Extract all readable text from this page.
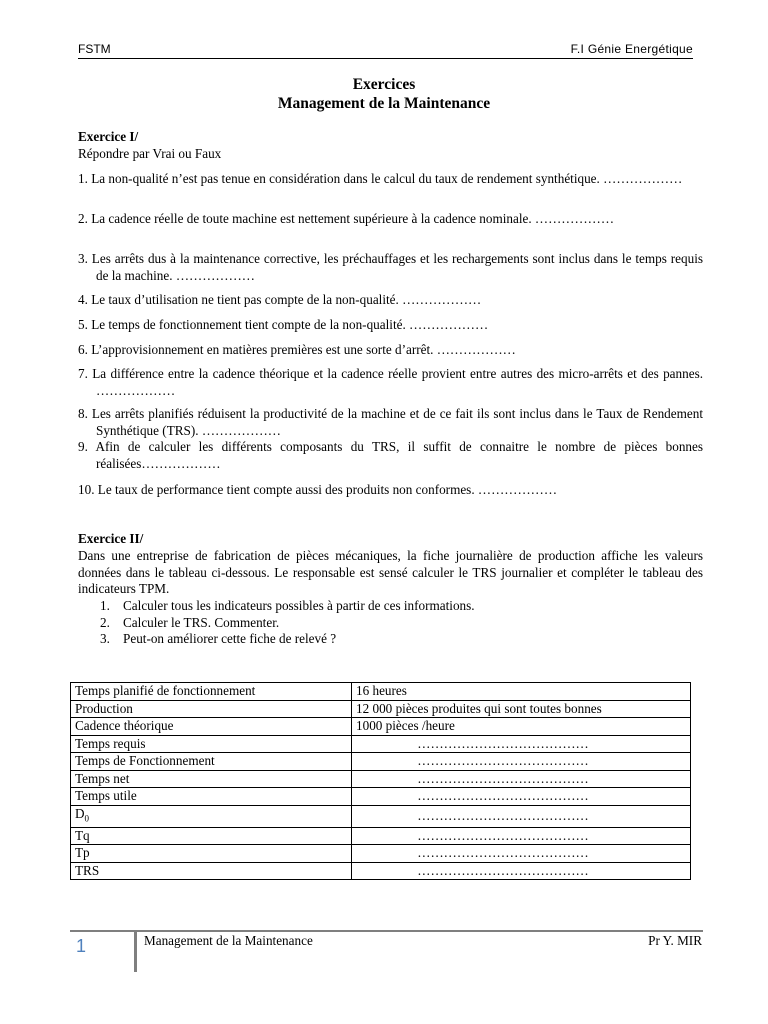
FSTM	F.I Génie Energétique
Exercices
Management de la Maintenance

Exercice I/

Répondre par Vrai ou Faux

1. La non-qualité n’est pas tenue en considération dans le calcul du taux de rendement synthétique. ………………

2. La cadence réelle de toute machine est nettement supérieure à la cadence nominale. ………………

3. Les arrêts dus à la maintenance corrective, les préchauffages et les rechargements sont inclus dans le temps requis de la machine. ………………

4. Le taux d’utilisation ne tient pas compte de la non-qualité. ………………

5. Le temps de fonctionnement tient compte de la non-qualité. ………………

6. L’approvisionnement en matières premières est une sorte d’arrêt. ………………

7. La différence entre la cadence théorique et la cadence réelle provient entre autres des micro-arrêts et des pannes. ………………

8. Les arrêts planifiés réduisent la productivité de la machine et de ce fait ils sont inclus dans le Taux de Rendement Synthétique (TRS). ………………

9. Afin de calculer les différents composants du TRS, il suffit de connaitre le nombre de pièces bonnes réalisées………………

10. Le taux de performance tient compte aussi des produits non conformes. ………………

Exercice II/

Dans une entreprise de fabrication de pièces mécaniques, la fiche journalière de production affiche les valeurs données dans le tableau ci-dessous. Le responsable est sensé calculer le TRS journalier et compléter le tableau des indicateurs TPM.

1. Calculer tous les indicateurs possibles à partir de ces informations.
2. Calculer le TRS. Commenter.
3. Peut-on améliorer cette fiche de relevé ?
Temps planifié de fonctionnement	16 heures
Production	12 000 pièces produites qui sont toutes bonnes
Cadence théorique	1000 pièces /heure
Temps requis	…………………………………
Temps de Fonctionnement	…………………………………
Temps net	…………………………………
Temps utile	…………………………………
$D_0$	…………………………………
Tq	…………………………………
Tp	…………………………………
TRS	…………………………………
1	Management de la Maintenance	Pr Y. MIR
